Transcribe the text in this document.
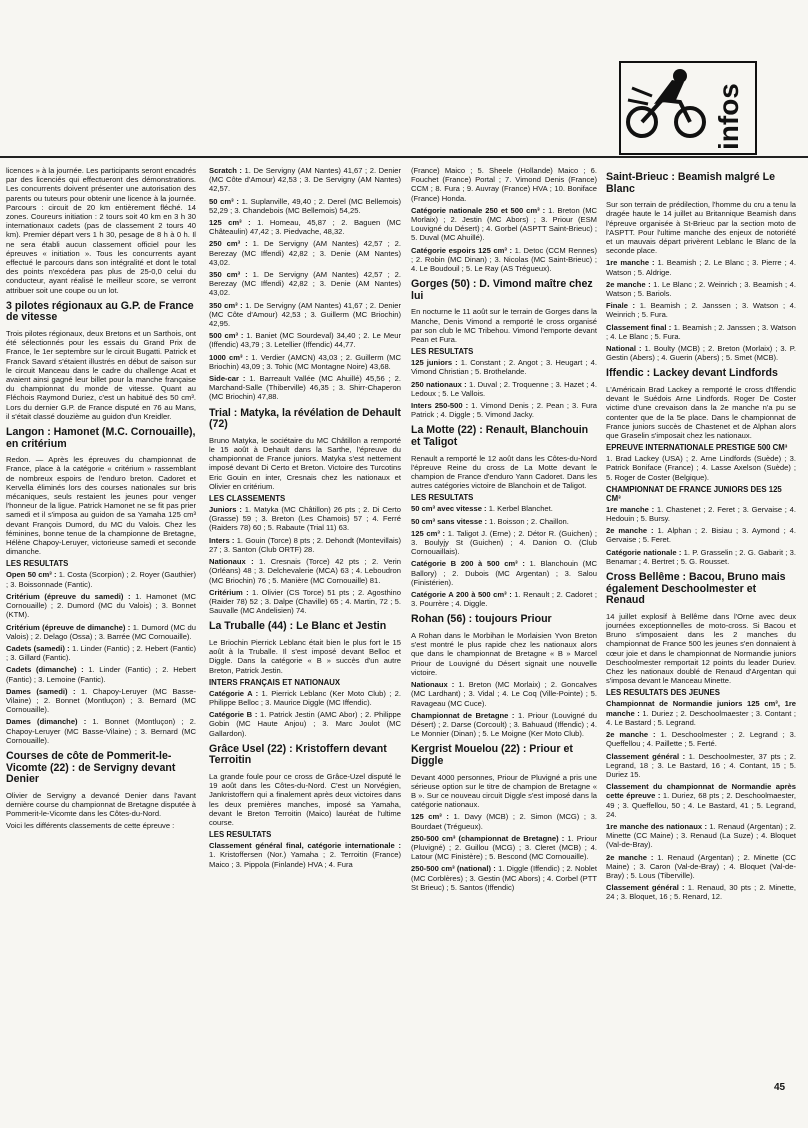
infos

licences » à la journée. Les participants seront encadrés par des licenciés qui effectueront des démonstrations. Les concurrents doivent présenter une autorisation des parents ou tuteurs pour obtenir une licence à la journée. Parcours : circuit de 20 km entièrement fléché. 14 zones. Coureurs initiation : 2 tours soit 40 km en 3 h 30 internationaux cadets (pas de classement 2 tours 40 km). Premier départ vers 1 h 30, pesage de 8 h à 0 h. Il ne sera établi aucun classement officiel pour les épreuves « initiation ». Tous les concurrents ayant effectué le parcours dans son intégralité et dont le total des points n'excédera pas plus de 25-0,0 celui du conducteur, ayant réalisé le meilleur score, se verront attribuer soit une coupe ou un lot.

3 pilotes régionaux au G.P. de France de vitesse

Trois pilotes régionaux, deux Bretons et un Sarthois, ont été sélectionnés pour les essais du Grand Prix de France, le 1er septembre sur le circuit Bugatti. Patrick et Franck Savard s'étaient illustrés en début de saison sur le circuit Manceau dans le cadre du challenge Acat et avaient ainsi gagné leur billet pour la manche française du championnat du monde de vitesse. Quant au Fléchois Raymond Duriez, c'est un habitué des 50 cm³. Lors du dernier G.P. de France disputé en 76 au Mans, il s'était classé douzième au guidon d'un Kreidler.

Langon : Hamonet (M.C. Cornouaille), en critérium

Redon. — Après les épreuves du championnat de France, place à la catégorie « critérium » rassemblant de nombreux espoirs de l'enduro breton. Cadoret et Kervella éliminés lors des courses nationales sur bris mécaniques, seuls restaient les jeunes pour venger l'honneur de la ligue. Patrick Hamonet ne se fit pas prier samedi et il s'imposa au guidon de sa Yamaha 125 cm³ devant François Dumord, du MC du Valois. Chez les féminines, bonne tenue de la championne de Bretagne, Hélène Chapoy-Leruyer, victorieuse samedi et seconde dimanche.

LES RESULTATS

Open 50 cm³ : 1. Costa (Scorpion) ; 2. Royer (Gauthier) ; 3. Boissonnade (Fantic).

Critérium (épreuve du samedi) : 1. Hamonet (MC Cornouaille) ; 2. Dumord (MC du Valois) ; 3. Bonnet (KTM).

Critérium (épreuve de dimanche) : 1. Dumord (MC du Valois) ; 2. Delago (Ossa) ; 3. Barrée (MC Cornouaille).

Cadets (samedi) : 1. Linder (Fantic) ; 2. Hebert (Fantic) ; 3. Gillard (Fantic).

Cadets (dimanche) : 1. Linder (Fantic) ; 2. Hebert (Fantic) ; 3. Lemoine (Fantic).

Dames (samedi) : 1. Chapoy-Leruyer (MC Basse-Vilaine) ; 2. Bonnet (Montluçon) ; 3. Bernard (MC Cornouaille).

Dames (dimanche) : 1. Bonnet (Montluçon) ; 2. Chapoy-Leruyer (MC Basse-Vilaine) ; 3. Bernard (MC Cornouaille).

Courses de côte de Pommerit-le-Vicomte (22) : de Servigny devant Denier

Olivier de Servigny a devancé Denier dans l'avant dernière course du championnat de Bretagne disputée à Pommerit-le-Vicomte dans les Côtes-du-Nord.

Voici les différents classements de cette épreuve :

Scratch : 1. De Servigny (AM Nantes) 41,67 ; 2. Denier (MC Côte d'Amour) 42,53 ; 3. De Servigny (AM Nantes) 42,57.

50 cm³ : 1. Suplanville, 49,40 ; 2. Derel (MC Bellemois) 52,29 ; 3. Chandebois (MC Bellemois) 54,25.

125 cm³ : 1. Homeau, 45,87 ; 2. Baguen (MC Châteaulin) 47,42 ; 3. Piedvache, 48,32.

250 cm³ : 1. De Servigny (AM Nantes) 42,57 ; 2. Berezay (MC Iffendi) 42,82 ; 3. Denie (AM Nantes) 43,02.

350 cm³ : 1. De Servigny (AM Nantes) 42,57 ; 2. Berezay (MC Iffendi) 42,82 ; 3. Denie (AM Nantes) 43,02.

350 cm³ : 1. De Servigny (AM Nantes) 41,67 ; 2. Denier (MC Côte d'Amour) 42,53 ; 3. Guillerm (MC Briochin) 42,95.

500 cm³ : 1. Baniet (MC Sourdeval) 34,40 ; 2. Le Meur (Iffendic) 43,79 ; 3. Letellier (Iffendic) 44,77.

1000 cm³ : 1. Verdier (AMCN) 43,03 ; 2. Guillerm (MC Briochin) 43,09 ; 3. Tohic (MC Montagne Noire) 43,68.

Side-car : 1. Barreault Vallée (MC Ahuillé) 45,56 ; 2. Marchand-Salle (Thiberville) 46,35 ; 3. Shirr-Chaperon (MC Briochin) 47,88.

Trial : Matyka, la révélation de Dehault (72)

Bruno Matyka, le sociétaire du MC Châtillon a remporté le 15 août à Dehault dans la Sarthe, l'épreuve du championnat de France juniors. Matyka s'est nettement imposé devant Di Certo et Breton. Victoire des Turcotins Eric Gouin en inter, Cresnais chez les nationaux et Olivier en critérium.

LES CLASSEMENTS

Juniors : 1. Matyka (MC Châtillon) 26 pts ; 2. Di Certo (Grasse) 59 ; 3. Breton (Les Chamois) 57 ; 4. Ferré (Raiders 78) 60 ; 5. Rabaute (Trial 11) 63.

Inters : 1. Gouin (Torce) 8 pts ; 2. Dehondt (Montevillais) 27 ; 3. Santon (Club ORTF) 28.

Nationaux : 1. Cresnais (Torce) 42 pts ; 2. Verin (Orléans) 48 ; 3. Delchevalerie (MCA) 63 ; 4. Leboudron (MC Briochin) 76 ; 5. Manière (MC Cornouaille) 81.

Critérium : 1. Olivier (CS Torce) 51 pts ; 2. Agosthino (Raider 78) 52 ; 3. Dalpe (Chaville) 65 ; 4. Martin, 72 ; 5. Sauvalle (MC Andelisien) 74.

La Truballe (44) : Le Blanc et Jestin

Le Briochin Pierrick Leblanc était bien le plus fort le 15 août à la Truballe. Il s'est imposé devant Belloc et Diggle. Dans la catégorie « B » succès d'un autre Breton, Patrick Jestin.

INTERS FRANÇAIS ET NATIONAUX

Catégorie A : 1. Pierrick Leblanc (Ker Moto Club) ; 2. Philippe Belloc ; 3. Maurice Diggle (MC Iffendic).

Catégorie B : 1. Patrick Jestin (AMC Abor) ; 2. Philippe Gobin (MC Haute Anjou) ; 3. Marc Joulot (MC Gallardon).

Grâce Usel (22) : Kristoffern devant Terroitin

La grande foule pour ce cross de Grâce-Uzel disputé le 19 août dans les Côtes-du-Nord. C'est un Norvégien, Jankristoffern qui a finalement après deux victoires dans les deux premières manches, imposé sa Yamaha, devant le Breton Terroitin (Maico) lauréat de l'ultime course.

LES RESULTATS

Classement général final, catégorie internationale : 1. Kristoffersen (Nor.) Yamaha ; 2. Terroitin (France) Maico ; 3. Pippola (Finlande) HVA ; 4. Fura

(France) Maico ; 5. Sheele (Hollande) Maico ; 6. Fouchet (France) Portal ; 7. Vimond Denis (France) CCM ; 8. Fura ; 9. Auvray (France) HVA ; 10. Boniface (France) Honda.

Catégorie nationale 250 et 500 cm³ : 1. Breton (MC Morlaix) ; 2. Jestin (MC Abors) ; 3. Priour (ESM Louvigné du Désert) ; 4. Gorbel (ASPTT Saint-Brieuc) ; 5. Duval (MC Ahuillé).

Catégorie espoirs 125 cm³ : 1. Detoc (CCM Rennes) ; 2. Robin (MC Dinan) ; 3. Nicolas (MC Saint-Brieuc) ; 4. Le Boudouil ; 5. Le Ray (AS Trégueux).

Gorges (50) : D. Vimond maître chez lui

En nocturne le 11 août sur le terrain de Gorges dans la Manche, Denis Vimond a remporté le cross organisé par son club le MC Tribehou. Vimond l'emporte devant Pean et Fura.

LES RESULTATS

125 juniors : 1. Constant ; 2. Angot ; 3. Heugart ; 4. Vimond Christian ; 5. Brothelande.

250 nationaux : 1. Duval ; 2. Troquenne ; 3. Hazet ; 4. Ledoux ; 5. Le Vallois.

Inters 250-500 : 1. Vimond Denis ; 2. Pean ; 3. Fura Patrick ; 4. Diggle ; 5. Vimond Jacky.

La Motte (22) : Renault, Blanchouin et Taligot

Renault a remporté le 12 août dans les Côtes-du-Nord l'épreuve Reine du cross de La Motte devant le champion de France d'enduro Yann Cadoret. Dans les autres catégories victoire de Blanchoin et de Taligot.

LES RESULTATS

50 cm³ avec vitesse : 1. Kerbel Blanchet.

50 cm³ sans vitesse : 1. Boisson ; 2. Chaillon.

125 cm³ : 1. Taligot J. (Erne) ; 2. Détor R. (Guichen) ; 3. Boulyjy St (Guichen) ; 4. Danion O. (Club Cornouaillais).

Catégorie B 200 à 500 cm³ : 1. Blanchouin (MC Ballory) ; 2. Dubois (MC Argentan) ; 3. Salou (Finistérien).

Catégorie A 200 à 500 cm³ : 1. Renault ; 2. Cadoret ; 3. Pourrère ; 4. Diggle.

Rohan (56) : toujours Priour

A Rohan dans le Morbihan le Morlaisien Yvon Breton s'est montré le plus rapide chez les nationaux alors que dans le championnat de Bretagne « B » Marcel Priour de Louvigné du Désert signait une nouvelle victoire.

Nationaux : 1. Breton (MC Morlaix) ; 2. Goncalves (MC Lardhant) ; 3. Vidal ; 4. Le Coq (Ville-Pointe) ; 5. Ravageau (MC Cuce).

Championnat de Bretagne : 1. Priour (Louvigné du Désert) ; 2. Darse (Corcoult) ; 3. Bahuaud (Iffendic) ; 4. Le Monnier (Dinan) ; 5. Le Moigne (Ker Moto Club).

Kergrist Mouelou (22) : Priour et Diggle

Devant 4000 personnes, Priour de Pluvigné a pris une sérieuse option sur le titre de champion de Bretagne « B ». Sur ce nouveau circuit Diggle s'est imposé dans la catégorie nationaux.

125 cm³ : 1. Davy (MCB) ; 2. Simon (MCG) ; 3. Bourdaet (Trégueux).

250-500 cm³ (championnat de Bretagne) : 1. Priour (Pluvigné) ; 2. Guillou (MCG) ; 3. Cleret (MCB) ; 4. Latour (MC Finistère) ; 5. Bescond (MC Cornouaille).

250-500 cm³ (national) : 1. Diggle (Iffendic) ; 2. Noblet (MC Corblères) ; 3. Gestin (MC Abors) ; 4. Corbel (PTT St Brieuc) ; 5. Santos (Iffendic)

Saint-Brieuc : Beamish malgré Le Blanc

Sur son terrain de prédilection, l'homme du cru a tenu la dragée haute le 14 juillet au Britannique Beamish dans l'épreuve organisée à St-Brieuc par la section moto de l'ASPTT. Pour l'ultime manche des enjeux de notoriété et un mauvais départ privèrent Leblanc le Blanc de la seconde place.

1re manche : 1. Beamish ; 2. Le Blanc ; 3. Pierre ; 4. Watson ; 5. Aldrige.

2e manche : 1. Le Blanc ; 2. Weinrich ; 3. Beamish ; 4. Watson ; 5. Bariols.

Finale : 1. Beamish ; 2. Janssen ; 3. Watson ; 4. Weinrich ; 5. Fura.

Classement final : 1. Beamish ; 2. Janssen ; 3. Watson ; 4. Le Blanc ; 5. Fura.

National : 1. Boulty (MCB) ; 2. Breton (Morlaix) ; 3. P. Gestin (Abers) ; 4. Guerin (Abers) ; 5. Smet (MCB).

Iffendic : Lackey devant Lindfords

L'Américain Brad Lackey a remporté le cross d'Iffendic devant le Suédois Arne Lindfords. Roger De Coster victime d'une crevaison dans la 2e manche n'a pu se contenter que de la 5e place. Dans le championnat de France juniors succès de Chastenet et de Alphan alors que Graselin s'imposait chez les nationaux.

EPREUVE INTERNATIONALE PRESTIGE 500 CM³

1. Brad Lackey (USA) ; 2. Arne Lindfords (Suède) ; 3. Patrick Boniface (France) ; 4. Lasse Axelson (Suède) ; 5. Roger de Coster (Belgique).

CHAMPIONNAT DE FRANCE JUNIORS DES 125 CM³

1re manche : 1. Chastenet ; 2. Feret ; 3. Gervaise ; 4. Hedouin ; 5. Bursy.

2e manche : 1. Alphan ; 2. Bisiau ; 3. Aymond ; 4. Gervaise ; 5. Feret.

Catégorie nationale : 1. P. Grasselin ; 2. G. Gabarit ; 3. Benamar ; 4. Bertret ; 5. G. Rousset.

Cross Bellême : Bacou, Bruno mais également Deschoolmester et Renaud

14 juillet explosif à Bellême dans l'Orne avec deux journées exceptionnelles de moto-cross. Si Bacou et Bruno s'imposaient dans les 2 manches du championnat de France 500 les jeunes s'en donnaient à cœur joie et dans le championnat de Normandie juniors Deschoolmester remportait 12 points du leader Duriev. Chez les nationaux doublé de Renaud d'Argentan qui s'imposa devant le Manceau Minette.

LES RESULTATS DES JEUNES

Championnat de Normandie juniors 125 cm³, 1re manche : 1. Duriez ; 2. Deschoolmaester ; 3. Contant ; 4. Le Bastard ; 5. Legrand.

2e manche : 1. Deschoolmester ; 2. Legrand ; 3. Queffellou ; 4. Paillette ; 5. Ferté.

Classement général : 1. Deschoolmester, 37 pts ; 2. Legrand, 18 ; 3. Le Bastard, 16 ; 4. Contant, 15 ; 5. Duriez 15.

Classement du championnat de Normandie après cette épreuve : 1. Duriez, 68 pts ; 2. Deschoolmaester, 49 ; 3. Queffellou, 50 ; 4. Le Bastard, 41 ; 5. Legrand, 24.

1re manche des nationaux : 1. Renaud (Argentan) ; 2. Minette (CC Maine) ; 3. Renaud (La Suze) ; 4. Bloquet (Val-de-Bray).

2e manche : 1. Renaud (Argentan) ; 2. Minette (CC Maine) ; 3. Caron (Val-de-Bray) ; 4. Bloquet (Val-de-Bray) ; 5. Lous (Tiberville).

Classement général : 1. Renaud, 30 pts ; 2. Minette, 24 ; 3. Bloquet, 16 ; 5. Renard, 12.

45
